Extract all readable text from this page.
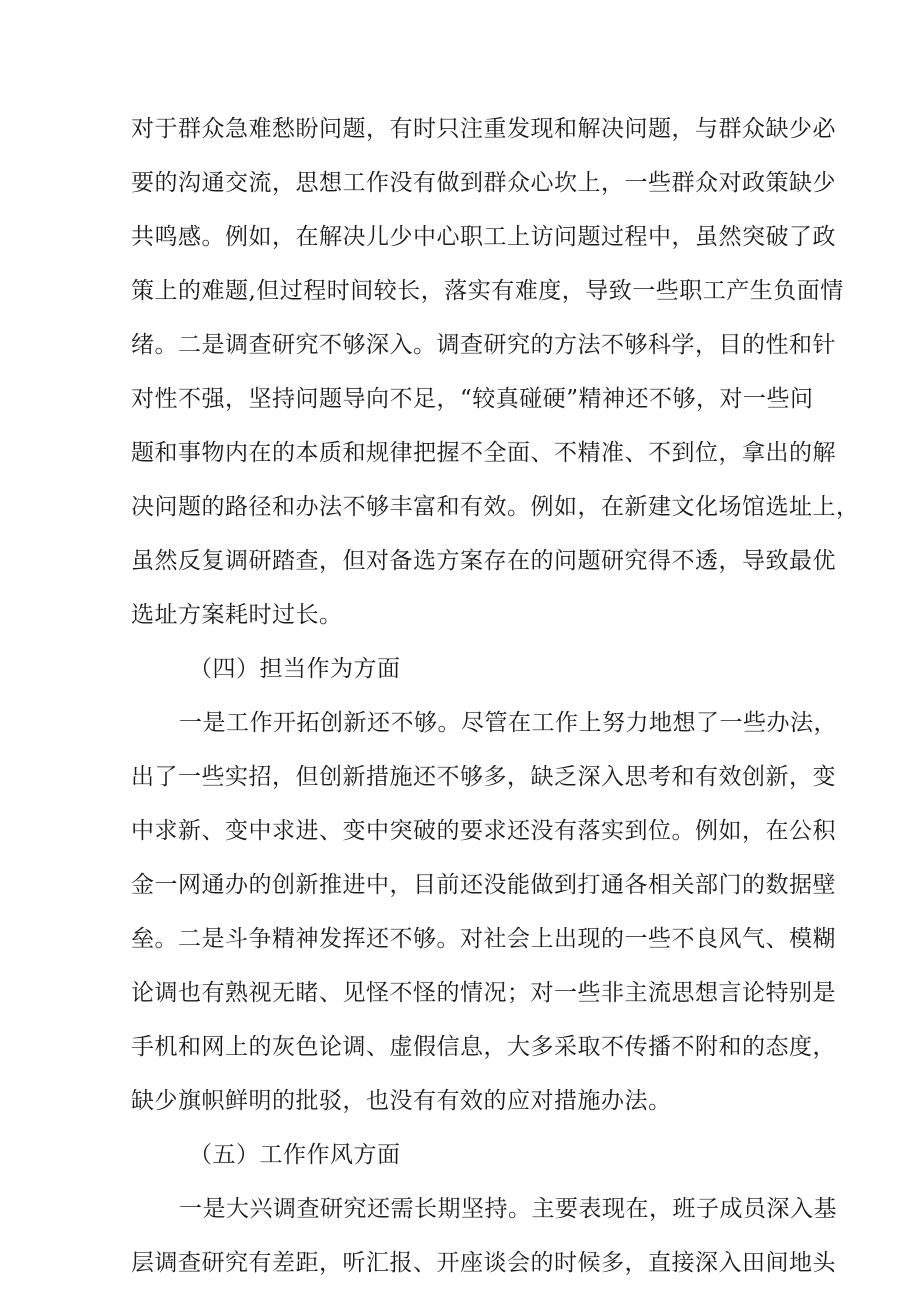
对于群众急难愁盼问题，有时只注重发现和解决问题，与群众缺少必
要的沟通交流，思想工作没有做到群众心坎上，一些群众对政策缺少
共鸣感。例如，在解决儿少中心职工上访问题过程中，虽然突破了政
策上的难题,但过程时间较长，落实有难度，导致一些职工产生负面情
绪。二是调查研究不够深入。调查研究的方法不够科学，目的性和针
对性不强，坚持问题导向不足，“较真碰硬”精神还不够，对一些问
题和事物内在的本质和规律把握不全面、不精准、不到位，拿出的解
决问题的路径和办法不够丰富和有效。例如，在新建文化场馆选址上，
虽然反复调研踏查，但对备选方案存在的问题研究得不透，导致最优
选址方案耗时过长。
（四）担当作为方面
一是工作开拓创新还不够。尽管在工作上努力地想了一些办法，
出了一些实招，但创新措施还不够多，缺乏深入思考和有效创新，变
中求新、变中求进、变中突破的要求还没有落实到位。例如，在公积
金一网通办的创新推进中，目前还没能做到打通各相关部门的数据壁
垒。二是斗争精神发挥还不够。对社会上出现的一些不良风气、模糊
论调也有熟视无睹、见怪不怪的情况；对一些非主流思想言论特别是
手机和网上的灰色论调、虚假信息，大多采取不传播不附和的态度，
缺少旗帜鲜明的批驳，也没有有效的应对措施办法。
（五）工作作风方面
一是大兴调查研究还需长期坚持。主要表现在，班子成员深入基
层调查研究有差距，听汇报、开座谈会的时候多，直接深入田间地头
